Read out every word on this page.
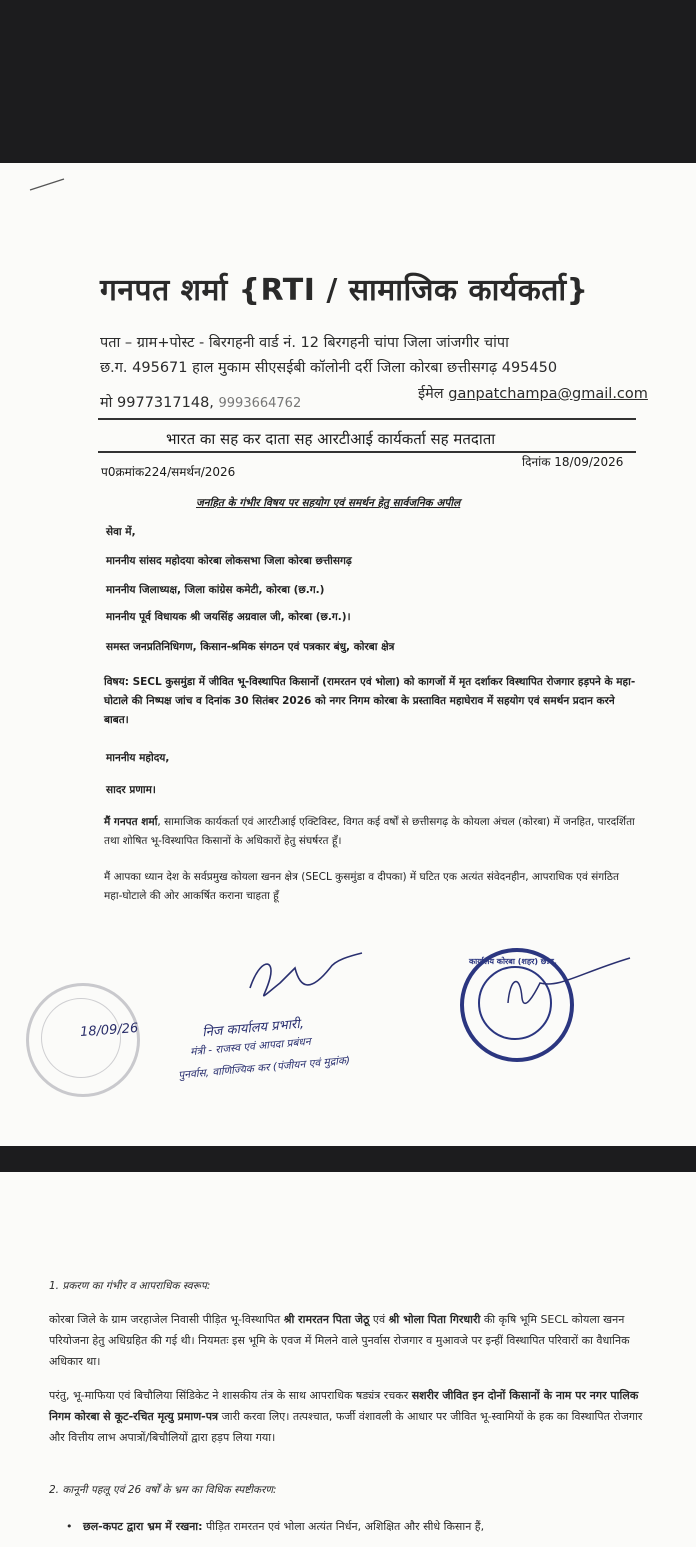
गनपत शर्मा {RTI / सामाजिक कार्यकर्ता}
पता – ग्राम+पोस्ट - बिरगहनी वार्ड नं. 12 बिरगहनी चांपा जिला जांजगीर चांपा
छ.ग. 495671 हाल मुकाम सीएसईबी कॉलोनी दर्री जिला कोरबा छत्तीसगढ़ 495450
मो 9977317148, 9993664762
ईमेल ganpatchampa@gmail.com
भारत का सह कर दाता सह आरटीआई कार्यकर्ता सह मतदाता
प0क्रमांक224/समर्थन/2026
दिनांक 18/09/2026
जनहित के गंभीर विषय पर सहयोग एवं समर्थन हेतु सार्वजनिक अपील
सेवा में,
माननीय सांसद महोदया कोरबा लोकसभा जिला कोरबा छत्तीसगढ़
माननीय जिलाध्यक्ष, जिला कांग्रेस कमेटी, कोरबा (छ.ग.)
माननीय पूर्व विधायक श्री जयसिंह अग्रवाल जी, कोरबा (छ.ग.)।
समस्त जनप्रतिनिधिगण, किसान-श्रमिक संगठन एवं पत्रकार बंधु, कोरबा क्षेत्र
विषय: SECL कुसमुंडा में जीवित भू-विस्थापित किसानों (रामरतन एवं भोला) को कागजों में मृत दर्शाकर विस्थापित रोजगार हड़पने के महा-घोटाले की निष्पक्ष जांच व दिनांक 30 सितंबर 2026 को नगर निगम कोरबा के प्रस्तावित महाघेराव में सहयोग एवं समर्थन प्रदान करने बाबत।
माननीय महोदय,
सादर प्रणाम।
मैं गनपत शर्मा, सामाजिक कार्यकर्ता एवं आरटीआई एक्टिविस्ट, विगत कई वर्षों से छत्तीसगढ़ के कोयला अंचल (कोरबा) में जनहित, पारदर्शिता तथा शोषित भू-विस्थापित किसानों के अधिकारों हेतु संघर्षरत हूँ।
मैं आपका ध्यान देश के सर्वप्रमुख कोयला खनन क्षेत्र (SECL कुसमुंडा व दीपका) में घटित एक अत्यंत संवेदनहीन, आपराधिक एवं संगठित महा-घोटाले की ओर आकर्षित कराना चाहता हूँ
18/09/26	निज कार्यालय प्रभारी,
मंत्री - राजस्व एवं आपदा प्रबंधन
पुनर्वास, वाणिज्यिक कर (पंजीयन एवं मुद्रांक)
कार्यालय कोरबा (शहर) छ.ग.
1. प्रकरण का गंभीर व आपराधिक स्वरूप:
कोरबा जिले के ग्राम जरहाजेल निवासी पीड़ित भू-विस्थापित श्री रामरतन पिता जेठू एवं श्री भोला पिता गिरधारी की कृषि भूमि SECL कोयला खनन परियोजना हेतु अधिग्रहित की गई थी। नियमतः इस भूमि के एवज में मिलने वाले पुनर्वास रोजगार व मुआवजे पर इन्हीं विस्थापित परिवारों का वैधानिक अधिकार था।
परंतु, भू-माफिया एवं बिचौलिया सिंडिकेट ने शासकीय तंत्र के साथ आपराधिक षड्यंत्र रचकर सशरीर जीवित इन दोनों किसानों के नाम पर नगर पालिक निगम कोरबा से कूट-रचित मृत्यु प्रमाण-पत्र जारी करवा लिए। तत्पश्चात, फर्जी वंशावली के आधार पर जीवित भू-स्वामियों के हक का विस्थापित रोजगार और वित्तीय लाभ अपात्रों/बिचौलियों द्वारा हड़प लिया गया।
2. कानूनी पहलू एवं 26 वर्षों के भ्रम का विधिक स्पष्टीकरण:
• छल-कपट द्वारा भ्रम में रखना: पीड़ित रामरतन एवं भोला अत्यंत निर्धन, अशिक्षित और सीधे किसान हैं,
